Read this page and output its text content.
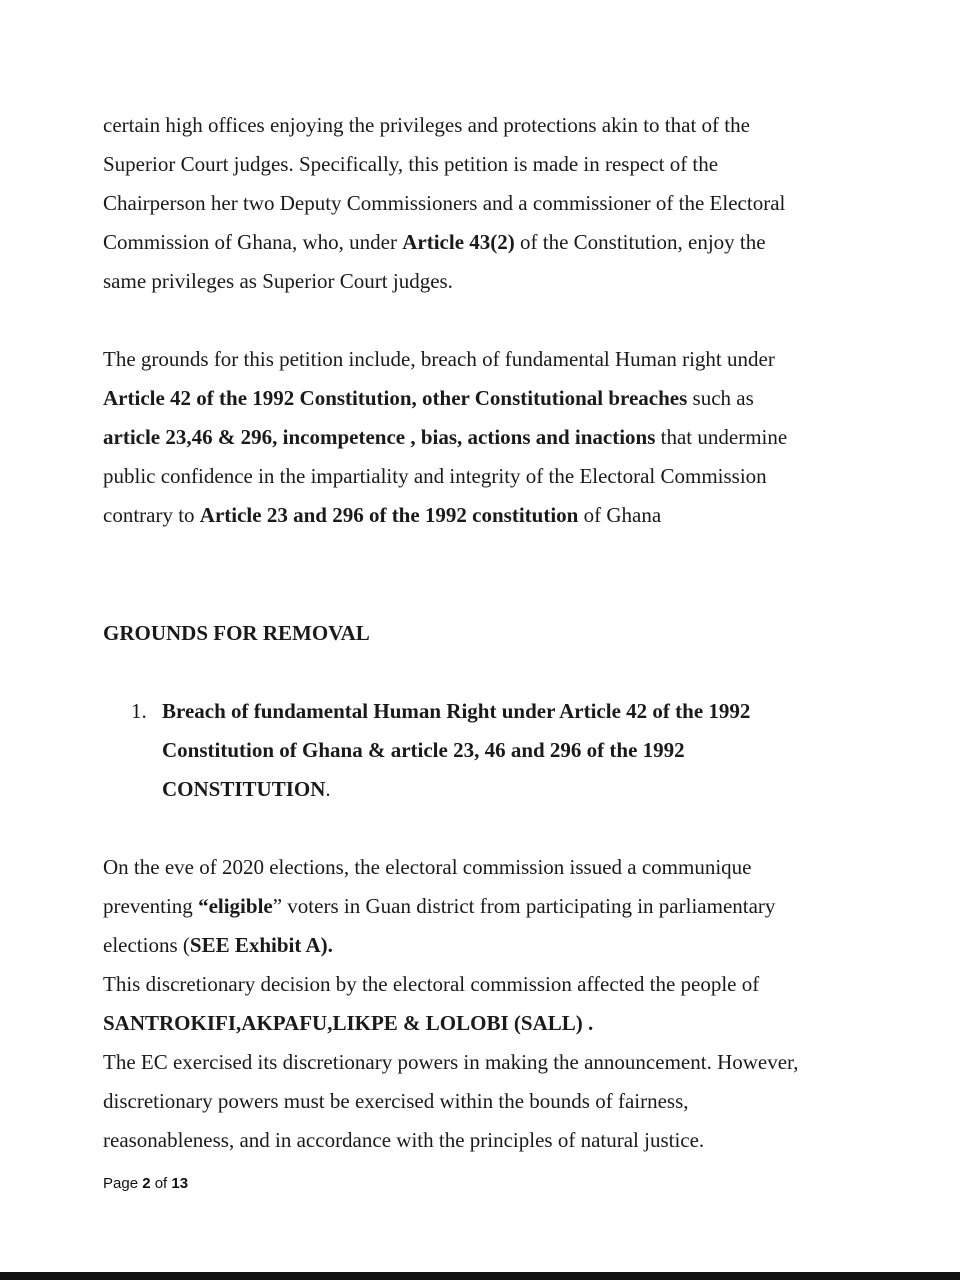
certain high offices enjoying the privileges and protections akin to that of the
Superior Court judges. Specifically, this petition is made in respect of the
Chairperson her two Deputy Commissioners and a commissioner of the Electoral
Commission of Ghana, who, under Article 43(2) of the Constitution, enjoy the
same privileges as Superior Court judges.

The grounds for this petition include, breach of fundamental Human right under
Article 42 of the 1992 Constitution, other Constitutional breaches such as
article 23,46 & 296, incompetence , bias, actions and inactions that undermine
public confidence in the impartiality and integrity of the Electoral Commission
contrary to Article 23 and 296 of the 1992 constitution of Ghana

GROUNDS FOR REMOVAL
1. Breach of fundamental Human Right under Article 42 of the 1992
Constitution of Ghana & article 23, 46 and 296 of the 1992
CONSTITUTION.

On the eve of 2020 elections, the electoral commission issued a communique
preventing “eligible” voters in Guan district from participating in parliamentary
elections (SEE Exhibit A).
This discretionary decision by the electoral commission affected the people of
SANTROKIFI,AKPAFU,LIKPE & LOLOBI (SALL) .
The EC exercised its discretionary powers in making the announcement. However,
discretionary powers must be exercised within the bounds of fairness,
reasonableness, and in accordance with the principles of natural justice.

Page 2 of 13
